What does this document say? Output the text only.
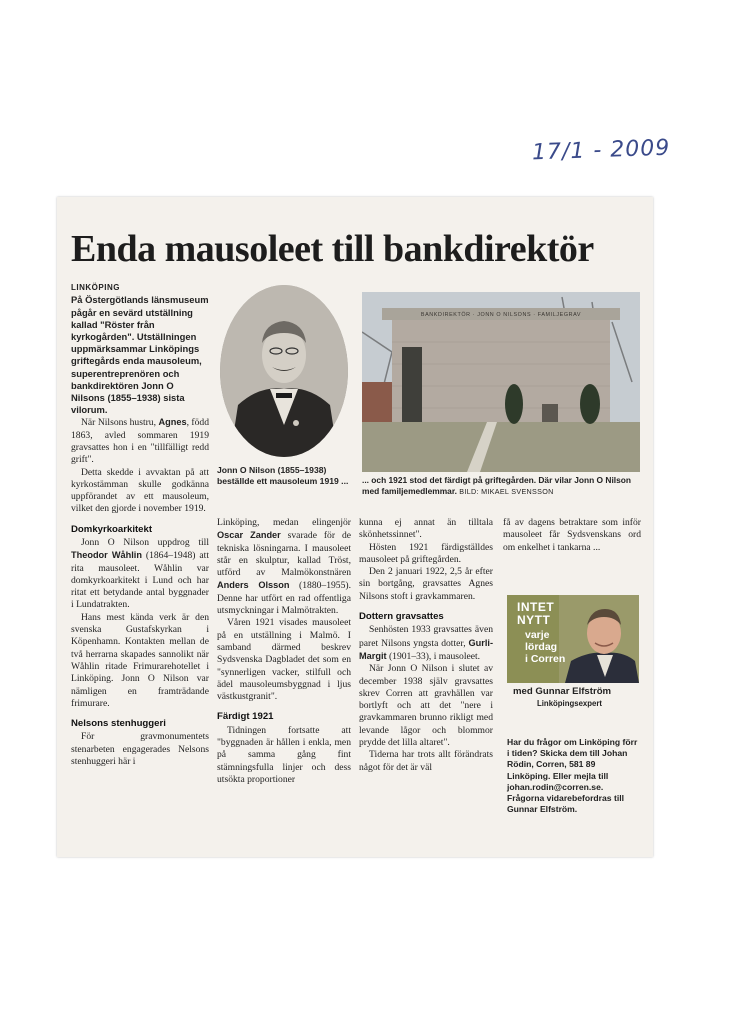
17/1 - 2009
Enda mausoleet till bankdirektör
LINKÖPING
På Östergötlands länsmuseum pågår en sevärd utställning kallad "Röster från kyrkogården". Utställningen uppmärksammar Linköpings griftegårds enda mausoleum, superentreprenören och bankdirektören Jonn O Nilsons (1855–1938) sista vilorum.

När Nilsons hustru, Agnes, född 1863, avled sommaren 1919 gravsattes hon i en "tillfälligt redd grift".

Detta skedde i avvaktan på att kyrkostämman skulle godkänna uppförandet av ett mausoleum, vilket den gjorde i november 1919.

Domkyrkoarkitekt

Jonn O Nilson uppdrog till Theodor Wåhlin (1864–1948) att rita mausoleet. Wåhlin var domkyrkoarkitekt i Lund och har ritat ett betydande antal byggnader i Lundatrakten.

Hans mest kända verk är den svenska Gustafskyrkan i Köpenhamn. Kontakten mellan de två herrarna skapades sannolikt när Wåhlin ritade Frimurarehotellet i Linköping. Jonn O Nilson var nämligen en framträdande frimurare.

Nelsons stenhuggeri

För gravmonumentets stenarbeten engagerades Nelsons stenhuggeri här i

Jonn O Nilson (1855–1938) beställde ett mausoleum 1919 ...
BANKDIREKTÖR · JONN O NILSONS · FAMILJEGRAV
... och 1921 stod det färdigt på griftegården. Där vilar Jonn O Nilson med familjemedlemmar. BILD: MIKAEL SVENSSON

Linköping, medan elingenjör Oscar Zander svarade för de tekniska lösningarna. I mausoleet står en skulptur, kallad Tröst, utförd av Malmökonstnären Anders Olsson (1880–1955). Denne har utfört en rad offentliga utsmyckningar i Malmötrakten.

Våren 1921 visades mausoleet på en utställning i Malmö. I samband därmed beskrev Sydsvenska Dagbladet det som en "synnerligen vacker, stilfull och ädel mausoleumsbyggnad i ljus västkustgranit".

Färdigt 1921

Tidningen fortsatte att "byggnaden är hållen i enkla, men på samma gång fint stämningsfulla linjer och dess utsökta proportioner

kunna ej annat än tilltala skönhetssinnet".

Hösten 1921 färdigställdes mausoleet på griftegården.

Den 2 januari 1922, 2,5 år efter sin bortgång, gravsattes Agnes Nilsons stoft i gravkammaren.

Dottern gravsattes

Senhösten 1933 gravsattes även paret Nilsons yngsta dotter, Gurli-Margit (1901–33), i mausoleet.

När Jonn O Nilson i slutet av december 1938 själv gravsattes skrev Corren att gravhällen var bortlyft och att det "nere i gravkammaren brunno rikligt med levande lågor och blommor prydde det lilla altaret".

Tiderna har trots allt förändrats något för det är väl

få av dagens betraktare som inför mausoleet får Sydsvenskans ord om enkelhet i tankarna ...

INTET
NYTT
varje
lördag
i Corren
med Gunnar Elfström
Linköpingsexpert
Har du frågor om Linköping förr i tiden? Skicka dem till Johan Rödin, Corren, 581 89 Linköping. Eller mejla till johan.rodin@corren.se. Frågorna vidarebefordras till Gunnar Elfström.
